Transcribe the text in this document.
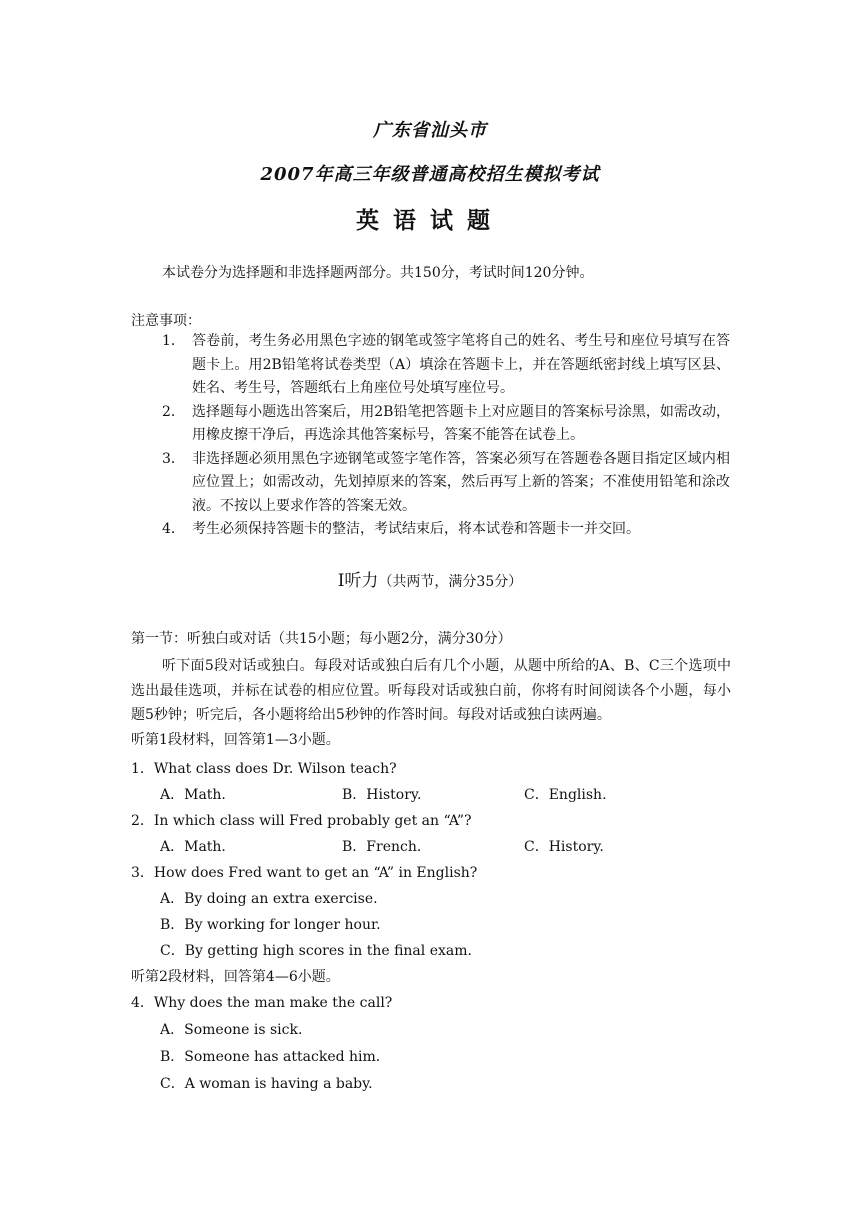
广东省汕头市
2007年高三年级普通高校招生模拟考试
英语试题
本试卷分为选择题和非选择题两部分。共150分，考试时间120分钟。
注意事项：
1． 答卷前，考生务必用黑色字迹的钢笔或签字笔将自己的姓名、考生号和座位号填写在答题卡上。用2B铅笔将试卷类型（A）填涂在答题卡上，并在答题纸密封线上填写区县、姓名、考生号，答题纸右上角座位号处填写座位号。
2． 选择题每小题选出答案后，用2B铅笔把答题卡上对应题目的答案标号涂黑，如需改动，用橡皮擦干净后，再选涂其他答案标号，答案不能答在试卷上。
3． 非选择题必须用黑色字迹钢笔或签字笔作答，答案必须写在答题卷各题目指定区域内相应位置上；如需改动，先划掉原来的答案，然后再写上新的答案；不准使用铅笔和涂改液。不按以上要求作答的答案无效。
4． 考生必须保持答题卡的整洁，考试结束后，将本试卷和答题卡一并交回。
Ⅰ听力（共两节，满分35分）
第一节：听独白或对话（共15小题；每小题2分，满分30分）

听下面5段对话或独白。每段对话或独白后有几个小题，从题中所给的A、B、C三个选项中选出最佳选项，并标在试卷的相应位置。听每段对话或独白前，你将有时间阅读各个小题，每小题5秒钟；听完后，各小题将给出5秒钟的作答时间。每段对话或独白读两遍。
听第1段材料，回答第1—3小题。

1．What class does Dr. Wilson teach?
A．Math.	B．History.	C．English.
2．In which class will Fred probably get an “A”?
A．Math.	B．French.	C．History.
3．How does Fred want to get an “A” in English?
A．By doing an extra exercise.
B．By working for longer hour.
C．By getting high scores in the final exam.
听第2段材料，回答第4—6小题。
4．Why does the man make the call?
A．Someone is sick.
B．Someone has attacked him.
C．A woman is having a baby.
